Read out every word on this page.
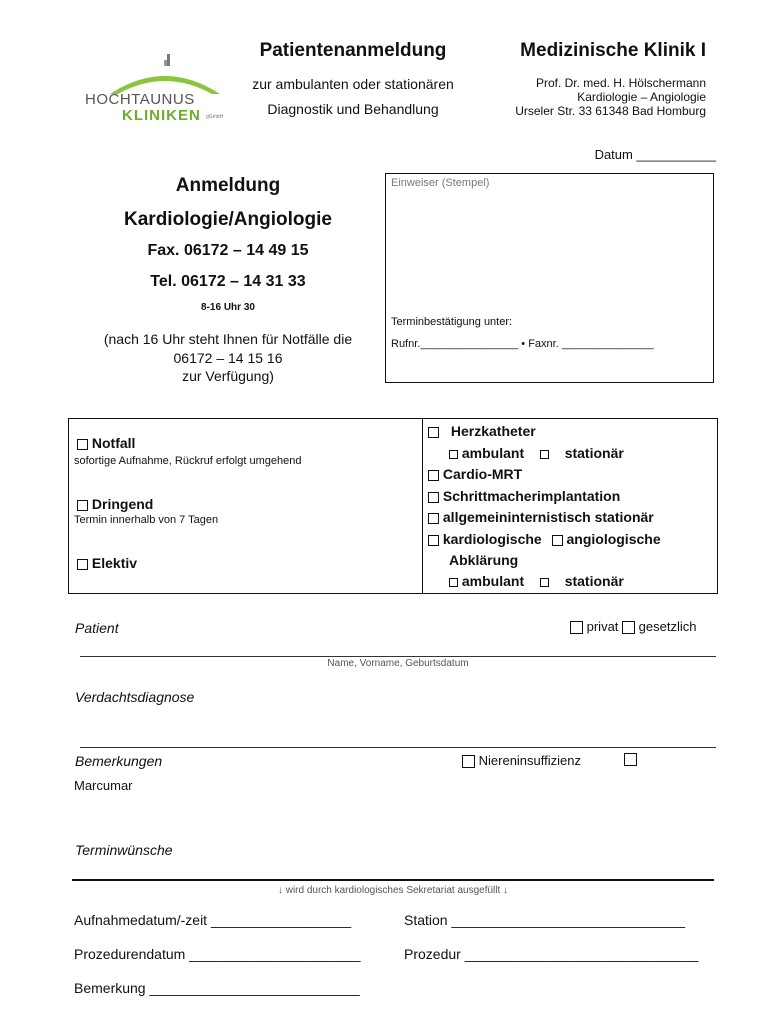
HOCHTAUNUS
KLINIKEN gGmbH
Patientenanmeldung
zur ambulanten oder stationären
Diagnostik und Behandlung
Medizinische Klinik I
Prof. Dr. med. H. Hölschermann
Kardiologie – Angiologie
Urseler Str. 33 61348 Bad Homburg
Datum ___________
Anmeldung
Kardiologie/Angiologie
Fax. 06172 – 14 49 15
Tel. 06172 – 14 31 33
8-16 Uhr 30
(nach 16 Uhr steht Ihnen für Notfälle die
06172 – 14 15 16
zur Verfügung)
Einweiser (Stempel)
Terminbestätigung unter:
Rufnr.________________ • Faxnr. _______________
Notfall
sofortige Aufnahme, Rückruf erfolgt umgehend
Dringend
Termin innerhalb von 7 Tagen
Elektiv
Herzkatheter
ambulant	stationär
Cardio-MRT
Schrittmacherimplantation
allgemeininternistisch stationär
kardiologische angiologische
Abklärung
ambulant	stationär
Patient	privat gesetzlich
Name, Vorname, Geburtsdatum
Verdachtsdiagnose
Bemerkungen	Niereninsuffizienz
Marcumar
Terminwünsche
↓ wird durch kardiologisches Sekretariat ausgefüllt ↓
Aufnahmedatum/-zeit __________________	Station ______________________________
Prozedurendatum ______________________	Prozedur ______________________________
Bemerkung ___________________________
